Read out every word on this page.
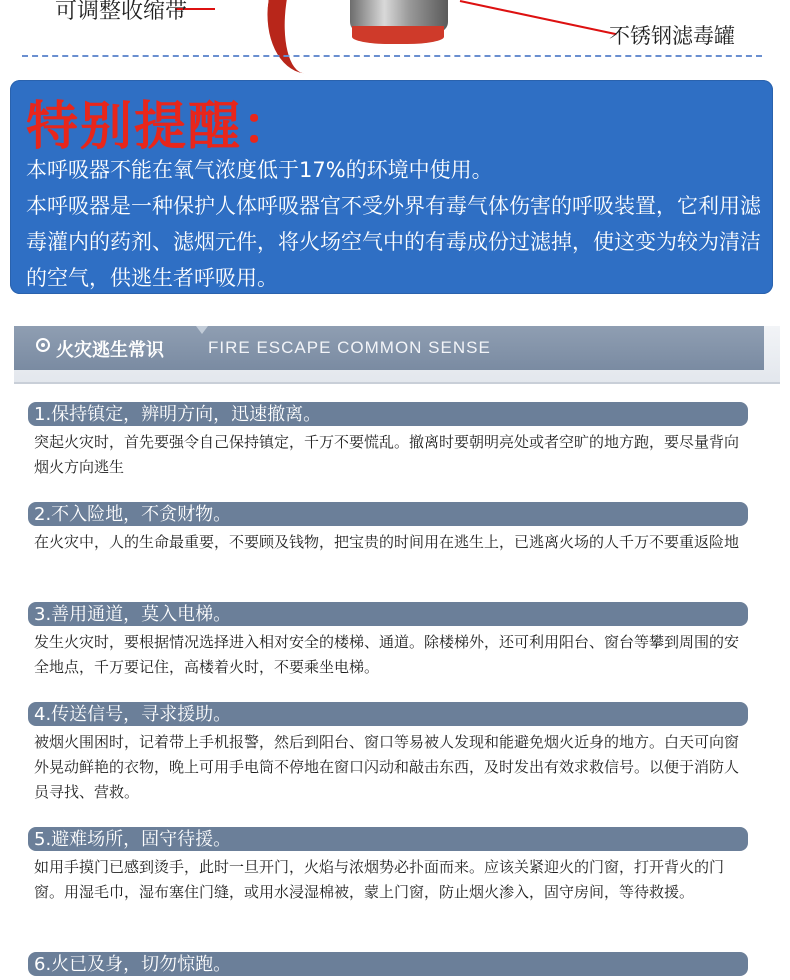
可调整收缩带
不锈钢滤毒罐
特别提醒：

本呼吸器不能在氧气浓度低于17%的环境中使用。

本呼吸器是一种保护人体呼吸器官不受外界有毒气体伤害的呼吸装置，它利用滤毒灌内的药剂、滤烟元件，将火场空气中的有毒成份过滤掉，使这变为较为清洁的空气，供逃生者呼吸用。

火灾逃生常识	FIRE ESCAPE COMMON SENSE
1.保持镇定，辨明方向，迅速撤离。
突起火灾时，首先要强令自己保持镇定，千万不要慌乱。撤离时要朝明亮处或者空旷的地方跑，要尽量背向烟火方向逃生
2.不入险地，不贪财物。
在火灾中，人的生命最重要，不要顾及钱物，把宝贵的时间用在逃生上，已逃离火场的人千万不要重返险地
3.善用通道，莫入电梯。
发生火灾时，要根据情况选择进入相对安全的楼梯、通道。除楼梯外，还可利用阳台、窗台等攀到周围的安全地点，千万要记住，高楼着火时，不要乘坐电梯。
4.传送信号，寻求援助。
被烟火围困时，记着带上手机报警，然后到阳台、窗口等易被人发现和能避免烟火近身的地方。白天可向窗外晃动鲜艳的衣物，晚上可用手电筒不停地在窗口闪动和敲击东西，及时发出有效求救信号。以便于消防人员寻找、营救。
5.避难场所，固守待援。
如用手摸门已感到烫手，此时一旦开门，火焰与浓烟势必扑面而来。应该关紧迎火的门窗，打开背火的门窗。用湿毛巾，湿布塞住门缝，或用水浸湿棉被，蒙上门窗，防止烟火渗入，固守房间，等待救援。
6.火已及身，切勿惊跑。
